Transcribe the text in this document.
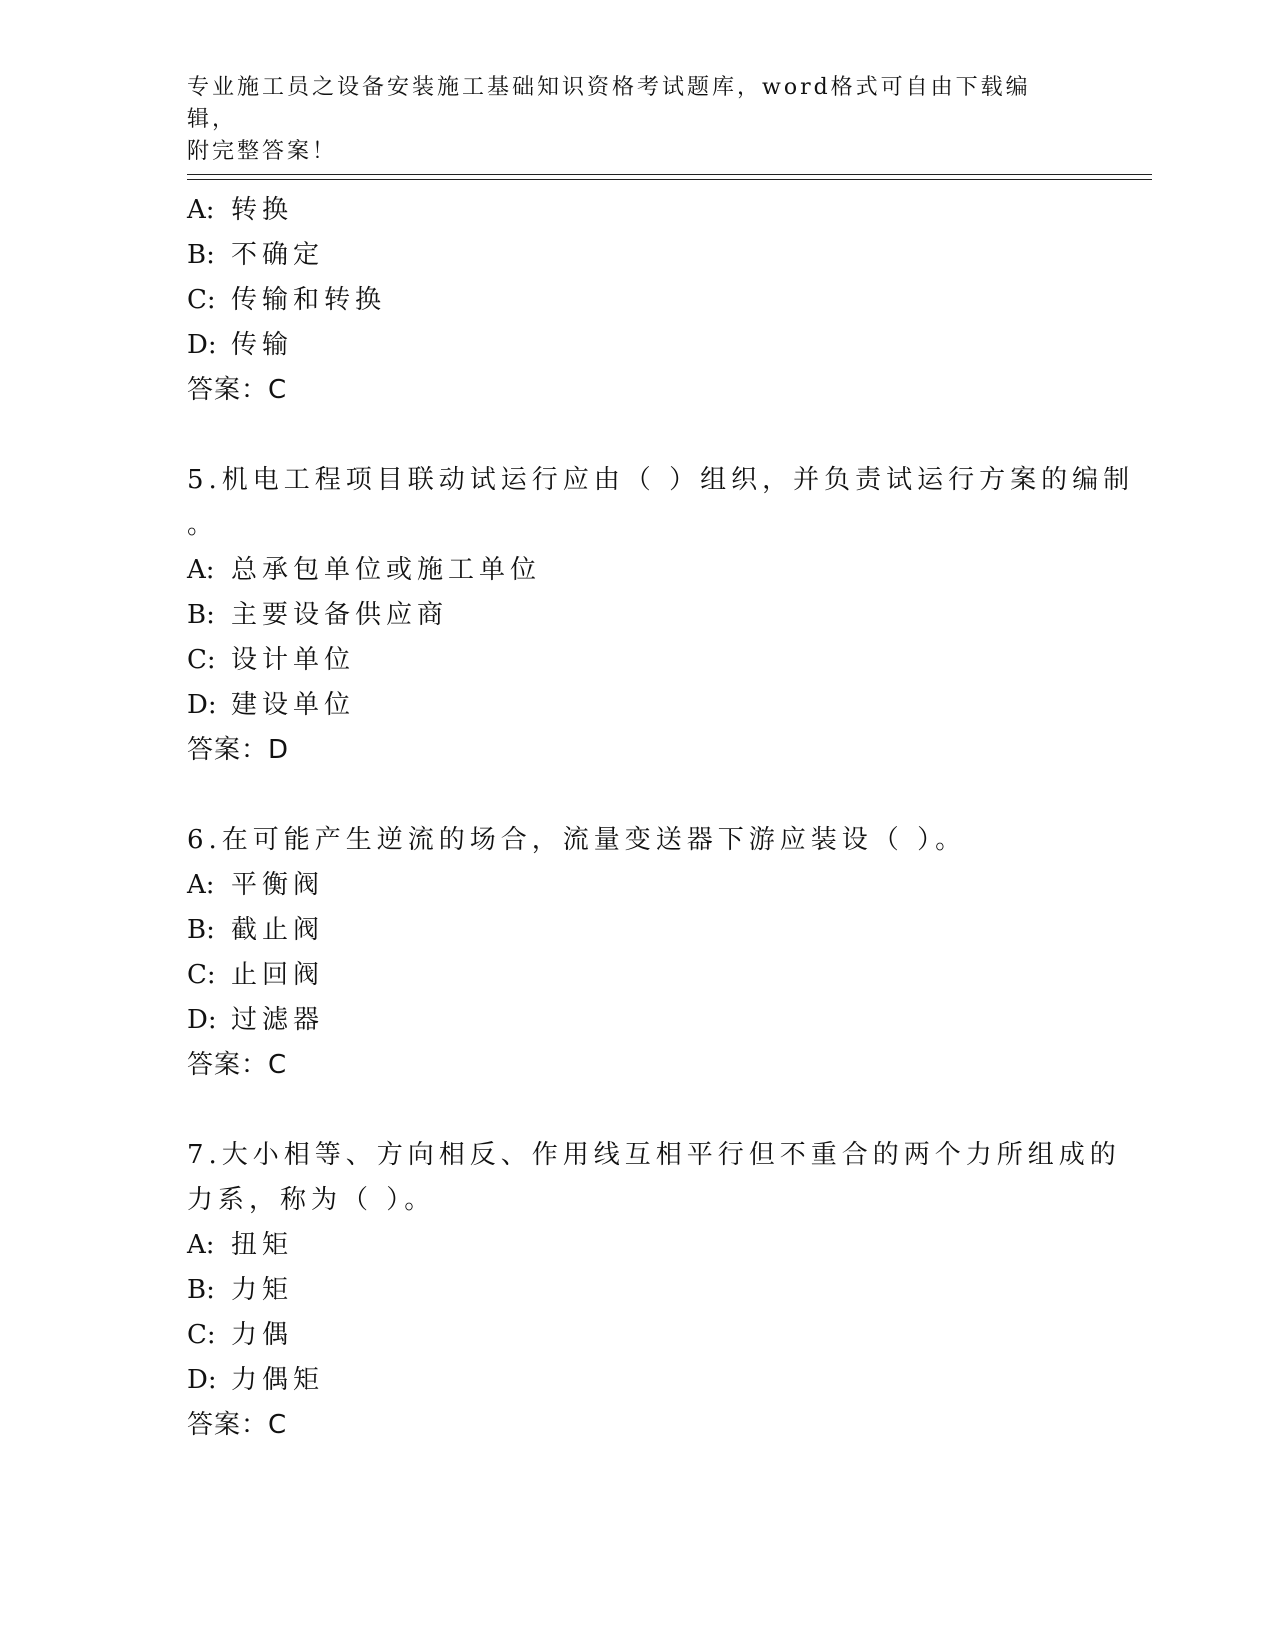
专业施工员之设备安装施工基础知识资格考试题库，word格式可自由下载编辑，
附完整答案！
A: 转换
B: 不确定
C: 传输和转换
D: 传输
答案：C
5.机电工程项目联动试运行应由（ ）组织，并负责试运行方案的编制
。
A: 总承包单位或施工单位
B: 主要设备供应商
C: 设计单位
D: 建设单位
答案：D
6.在可能产生逆流的场合，流量变送器下游应装设（ ）。
A: 平衡阀
B: 截止阀
C: 止回阀
D: 过滤器
答案：C
7.大小相等、方向相反、作用线互相平行但不重合的两个力所组成的
力系，称为（ ）。
A: 扭矩
B: 力矩
C: 力偶
D: 力偶矩
答案：C
